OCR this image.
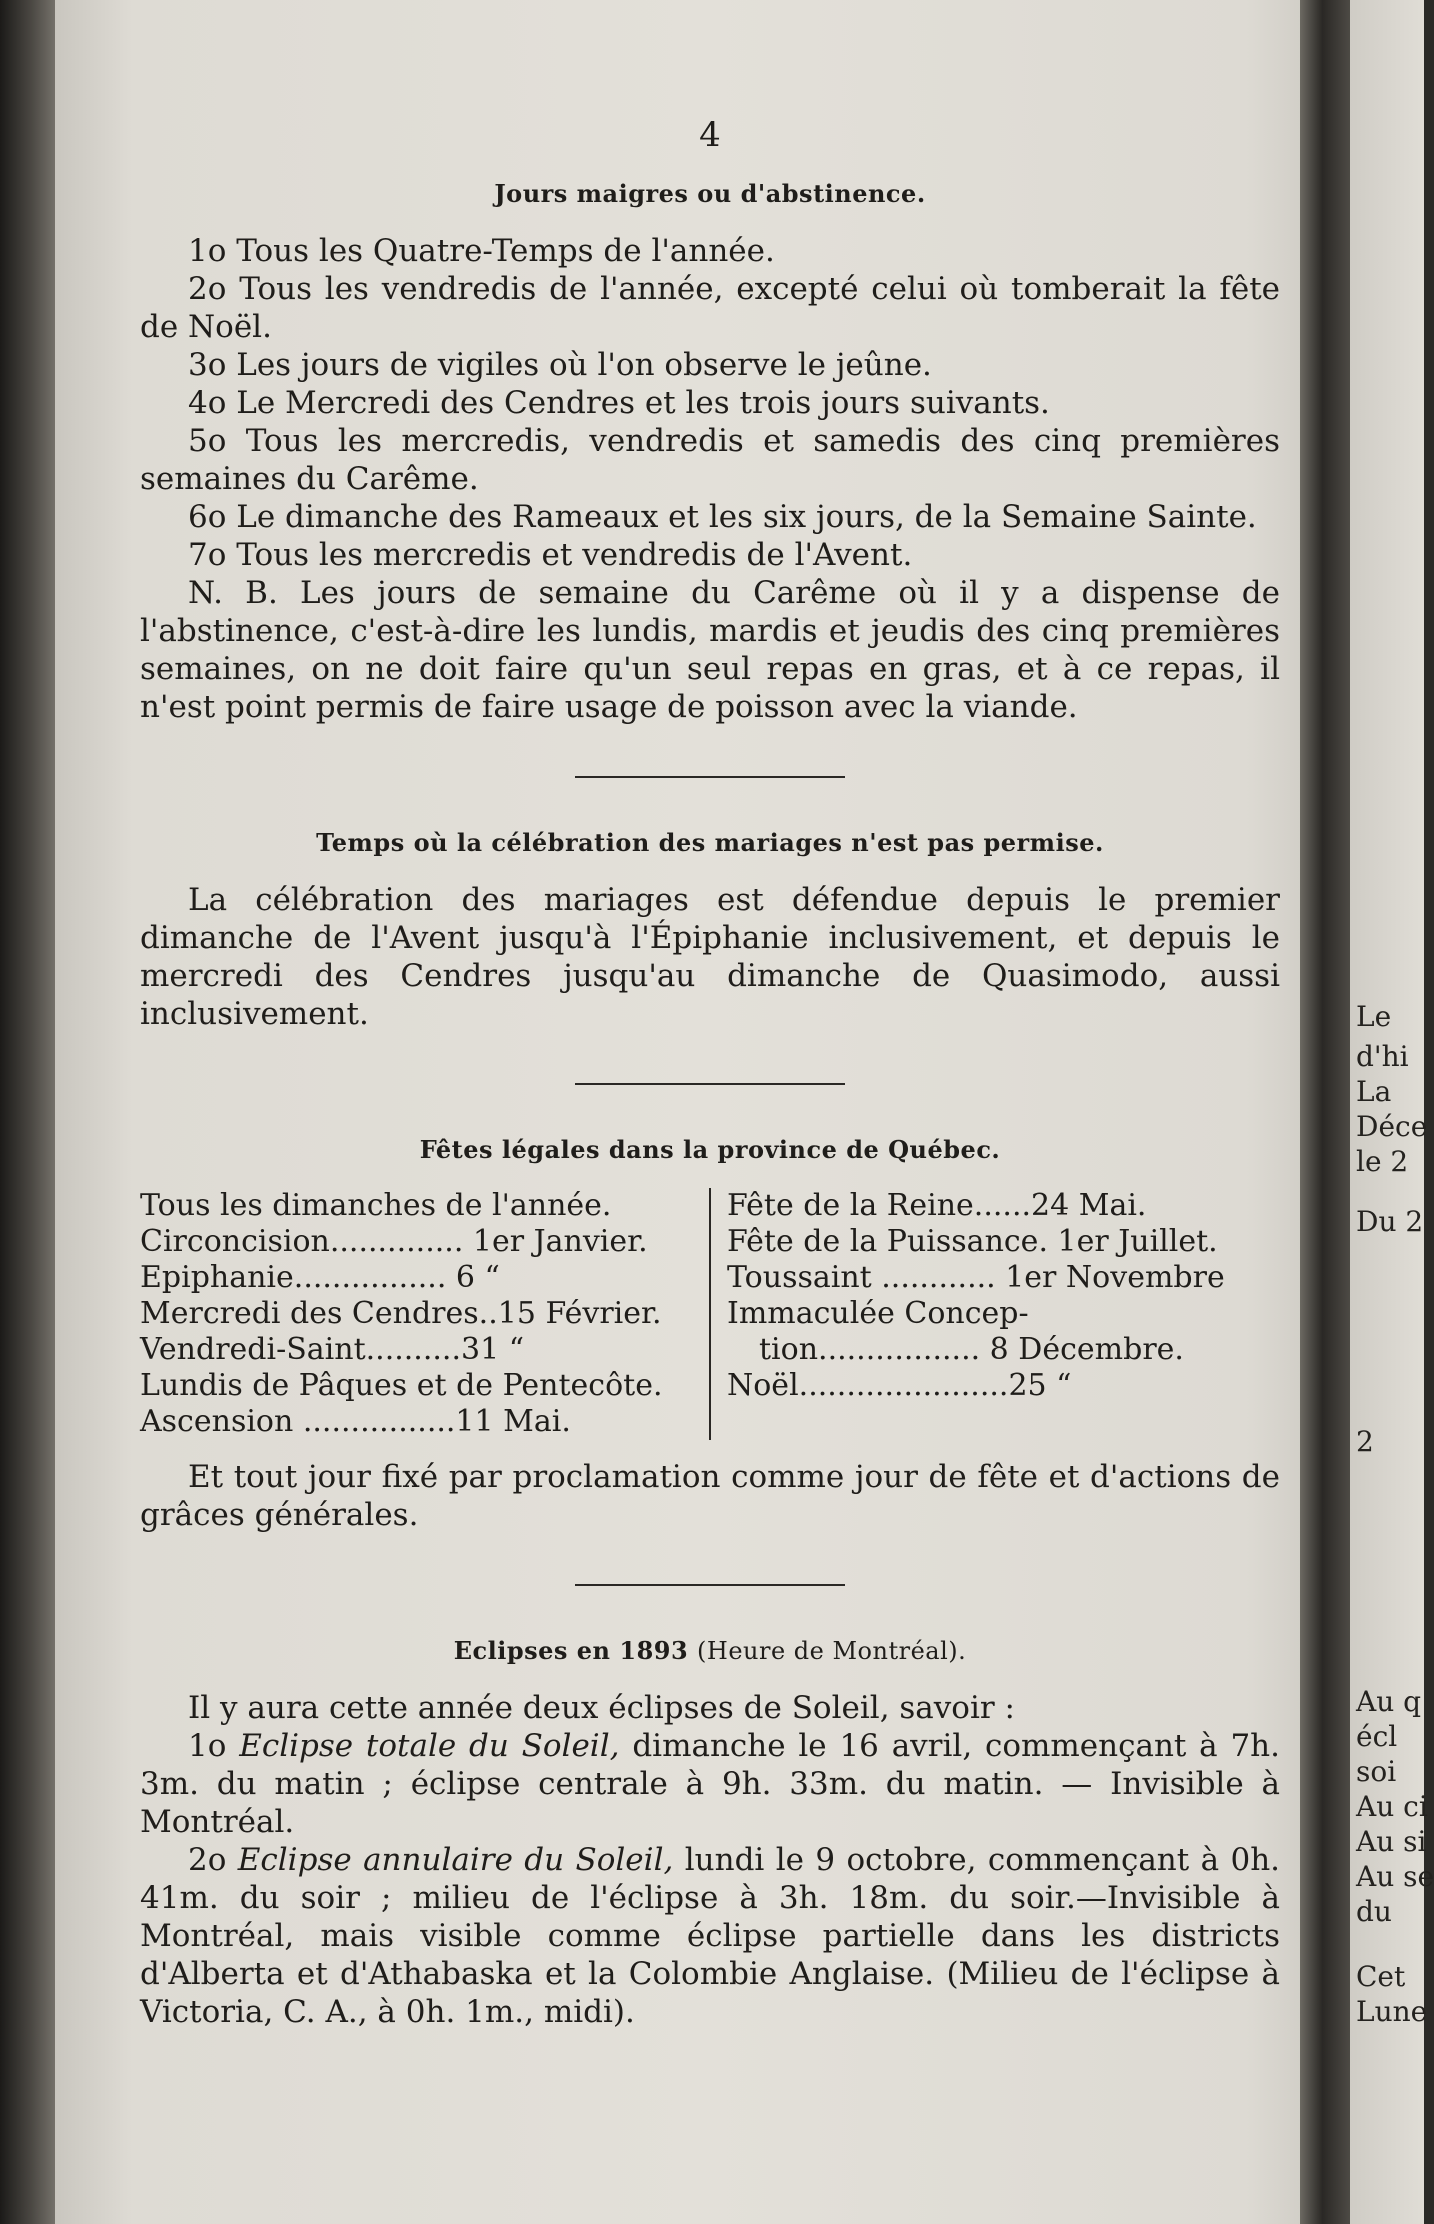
Le
d'hi
La
Déce
le 2
Du 2
2
Au q
écl
soi
Au ci
Au si
Au se
du
Cet
Lune
4
Jours maigres ou d'abstinence.

1o Tous les Quatre-Temps de l'année.

2o Tous les vendredis de l'année, excepté celui où tomberait la fête de Noël.

3o Les jours de vigiles où l'on observe le jeûne.

4o Le Mercredi des Cendres et les trois jours suivants.

5o Tous les mercredis, vendredis et samedis des cinq premières semaines du Carême.

6o Le dimanche des Rameaux et les six jours, de la Semaine Sainte.

7o Tous les mercredis et vendredis de l'Avent.

N. B. Les jours de semaine du Carême où il y a dispense de l'abstinence, c'est-à-dire les lundis, mardis et jeudis des cinq premières semaines, on ne doit faire qu'un seul repas en gras, et à ce repas, il n'est point permis de faire usage de poisson avec la viande.

Temps où la célébration des mariages n'est pas permise.

La célébration des mariages est défendue depuis le premier dimanche de l'Avent jusqu'à l'Épiphanie inclusivement, et depuis le mercredi des Cendres jusqu'au dimanche de Quasimodo, aussi inclusivement.

Fêtes légales dans la province de Québec.
Tous les dimanches de l'année.
Circoncision.............. 1er Janvier.
Epiphanie................ 6 “
Mercredi des Cendres..15 Février.
Vendredi-Saint..........31 “
Lundis de Pâques et de Pentecôte.
Ascension ................11 Mai.
Fête de la Reine......24 Mai.
Fête de la Puissance. 1er Juillet.
Toussaint ............ 1er Novembre
Immaculée Concep-
tion................. 8 Décembre.
Noël......................25 “

Et tout jour fixé par proclamation comme jour de fête et d'actions de grâces générales.

Eclipses en 1893 (Heure de Montréal).

Il y aura cette année deux éclipses de Soleil, savoir :

1o Eclipse totale du Soleil, dimanche le 16 avril, commençant à 7h. 3m. du matin ; éclipse centrale à 9h. 33m. du matin. — Invisible à Montréal.

2o Eclipse annulaire du Soleil, lundi le 9 octobre, commençant à 0h. 41m. du soir ; milieu de l'éclipse à 3h. 18m. du soir.—Invisible à Montréal, mais visible comme éclipse partielle dans les districts d'Alberta et d'Athabaska et la Colombie Anglaise. (Milieu de l'éclipse à Victoria, C. A., à 0h. 1m., midi).
